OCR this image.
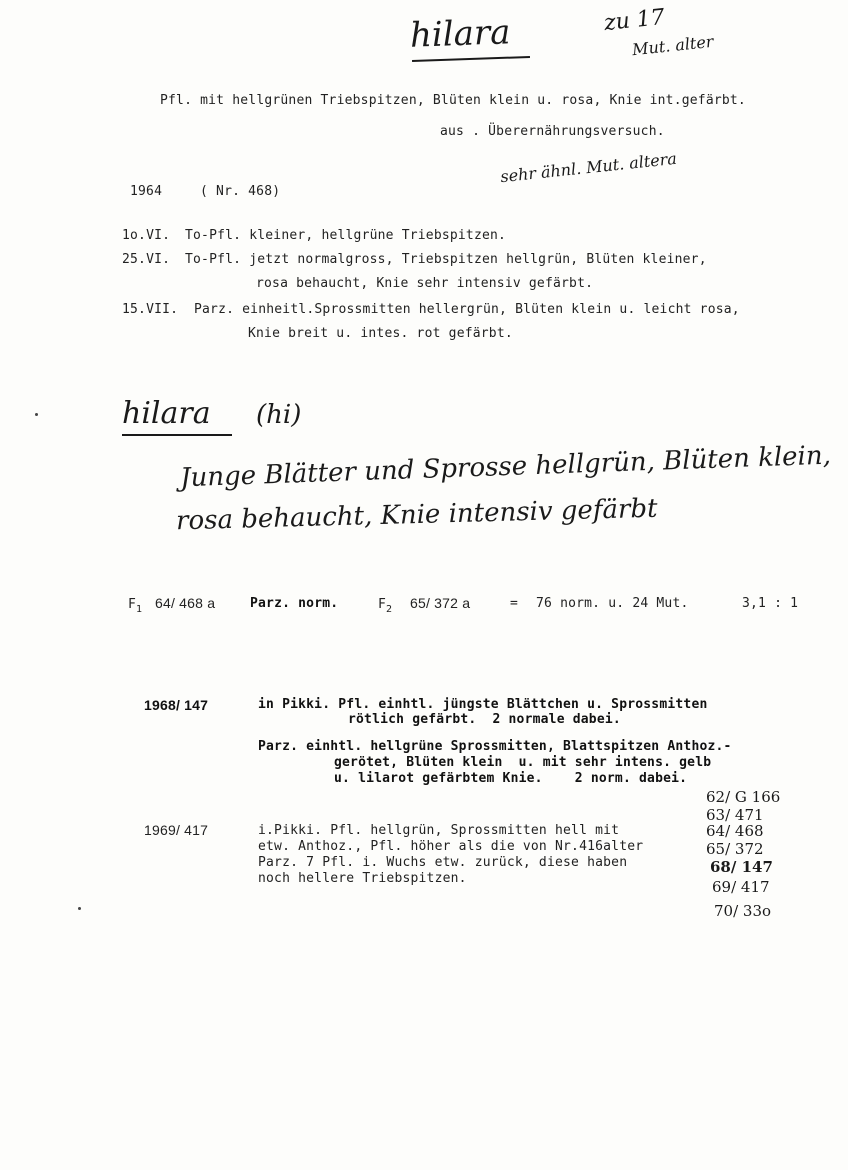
hilara	zu 17
Mut. alter
Pfl. mit hellgrünen Triebspitzen, Blüten klein u. rosa, Knie int.gefärbt.
aus . Überernährungsversuch.
sehr ähnl. Mut. altera
1964	( Nr. 468)
1o.VI. To-Pfl. kleiner, hellgrüne Triebspitzen.
25.VI. To-Pfl. jetzt normalgross, Triebspitzen hellgrün, Blüten kleiner,
rosa behaucht, Knie sehr intensiv gefärbt.
15.VII. Parz. einheitl.Sprossmitten hellergrün, Blüten klein u. leicht rosa,
Knie breit u. intes. rot gefärbt.
hilara (hi)
Junge Blätter und Sprosse hellgrün, Blüten klein,
rosa behaucht, Knie intensiv gefärbt
$F_1$ 64/ 468 a	Parz. norm.	$F_2$ 65/ 372 a	= 76 norm. u. 24 Mut.	3,1 : 1
1968/ 147	in Pikki. Pfl. einhtl. jüngste Blättchen u. Sprossmitten
rötlich gefärbt.  2 normale dabei.
Parz. einhtl. hellgrüne Sprossmitten, Blattspitzen Anthoz.-
gerötet, Blüten klein  u. mit sehr intens. gelb
u. lilarot gefärbtem Knie.    2 norm. dabei.
1969/ 417	i.Pikki. Pfl. hellgrün, Sprossmitten hell mit
etw. Anthoz., Pfl. höher als die von Nr.416alter
Parz. 7 Pfl. i. Wuchs etw. zurück, diese haben
noch hellere Triebspitzen.
62/ G 166
63/ 471
64/ 468
65/ 372
68/ 147
69/ 417
70/ 33o
